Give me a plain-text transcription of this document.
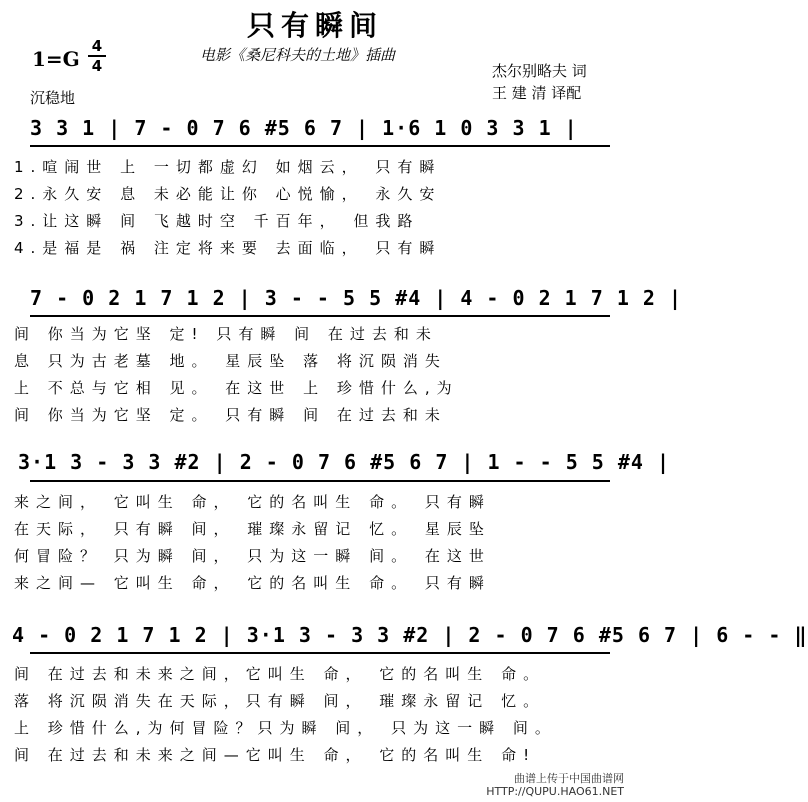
只有瞬间
1=G
4
4
电影《桑尼科夫的土地》插曲
杰尔别略夫 词
王 建 清 译配
沉稳地
3 3 1 | 7 - 0 7 6 #5 6 7 | 1·6 1 0 3 3 1 |
1.喧闹世 上 一切都虚幻 如烟云， 只有瞬
2.永久安 息 未必能让你 心悦愉， 永久安
3.让这瞬 间 飞越时空 千百年， 但我路
4.是福是 祸 注定将来要 去面临， 只有瞬
7 - 0 2 1 7 1 2 | 3 - - 5 5 #4 | 4 - 0 2 1 7 1 2 |
间 你当为它坚 定! 只有瞬 间 在过去和未
息 只为古老墓 地。 星辰坠 落 将沉陨消失
上 不总与它相 见。 在这世 上 珍惜什么,为
间 你当为它坚 定。 只有瞬 间 在过去和未
3·1 3 - 3 3 #2 | 2 - 0 7 6 #5 6 7 | 1 - - 5 5 #4 |
来之间， 它叫生 命， 它的名叫生 命。 只有瞬
在天际， 只有瞬 间， 璀璨永留记 忆。 星辰坠
何冒险？ 只为瞬 间， 只为这一瞬 间。 在这世
来之间— 它叫生 命， 它的名叫生 命。 只有瞬
4 - 0 2 1 7 1 2 | 3·1 3 - 3 3 #2 | 2 - 0 7 6 #5 6 7 | 6 - - ‖
间 在过去和未来之间，它叫生 命， 它的名叫生 命。
落 将沉陨消失在天际，只有瞬 间， 璀璨永留记 忆。
上 珍惜什么,为何冒险？只为瞬 间， 只为这一瞬 间。
间 在过去和未来之间—它叫生 命， 它的名叫生 命!
曲谱上传于中国曲谱网
HTTP://QUPU.HAO61.NET
